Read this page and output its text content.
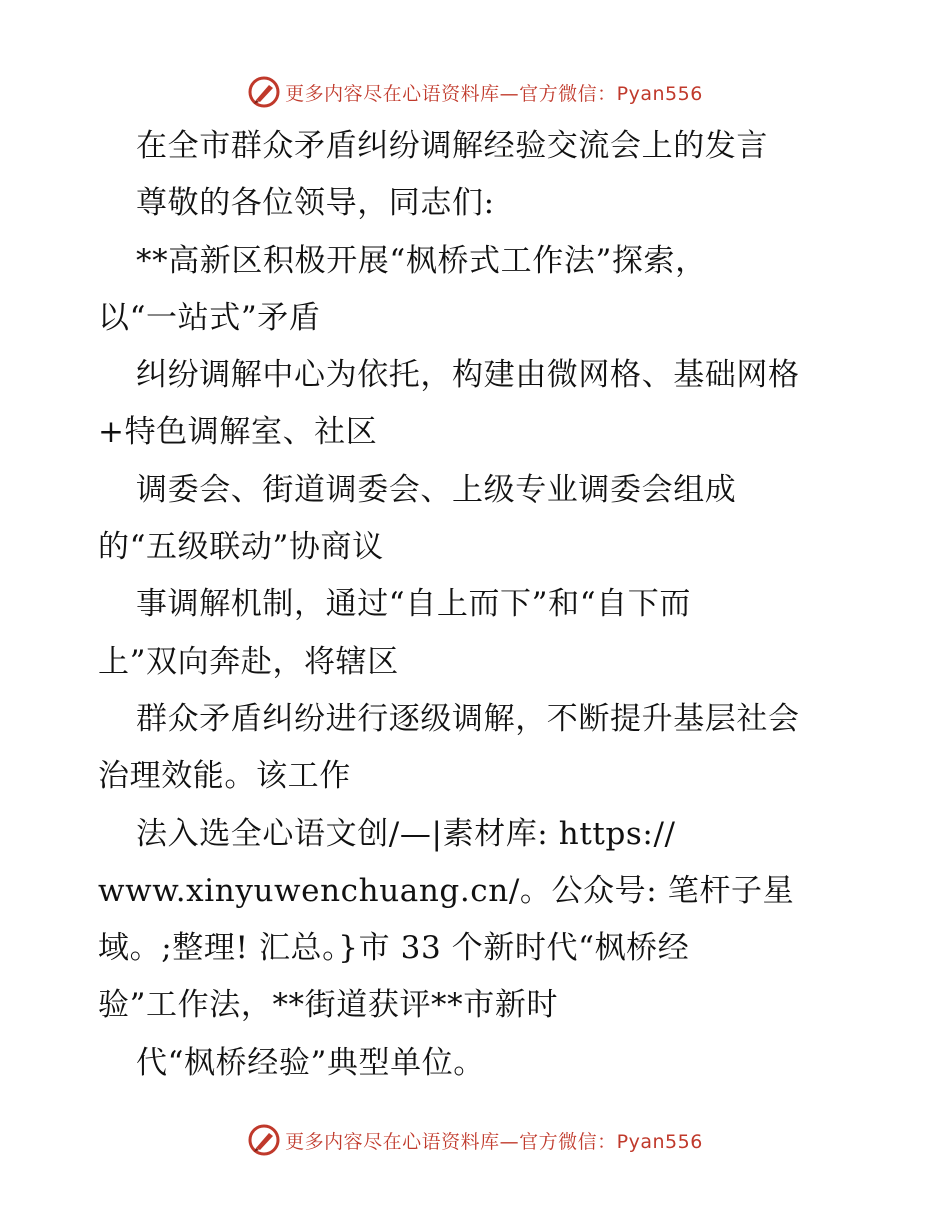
更多内容尽在心语资料库—官方微信：Pyan556
在全市群众矛盾纠纷调解经验交流会上的发言
尊敬的各位领导，同志们:
**高新区积极开展“枫桥式工作法”探索，
以“一站式”矛盾
纠纷调解中心为依托，构建由微网格、基础网格
+特色调解室、社区
调委会、街道调委会、上级专业调委会组成
的“五级联动”协商议
事调解机制，通过“自上而下”和“自下而
上”双向奔赴，将辖区
群众矛盾纠纷进行逐级调解，不断提升基层社会
治理效能。该工作
法入选全心语文创/—|素材库: https://
www.xinyuwenchuang.cn/。公众号: 笔杆子星
域。;整理! 汇总。}市 33 个新时代“枫桥经
验”工作法，**街道获评**市新时
代“枫桥经验”典型单位。
更多内容尽在心语资料库—官方微信：Pyan556
